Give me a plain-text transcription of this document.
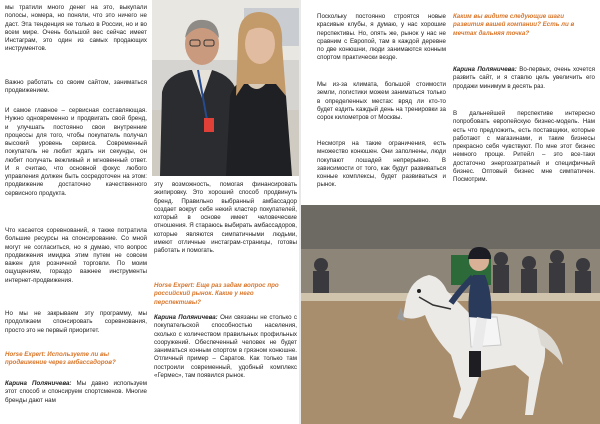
мы тратили много денег на это, выкупали полосы, номера, но поняли, что это ничего не даст. Эта тенденция не только в России, но и во всем мире. Очень большой вес сейчас имеет Инстаграм, это один из самых продающих инструментов.

Важно работать со своим сайтом, заниматься продвижением.

И самое главное – сервисная составляющая. Нужно одновременно и продвигать свой бренд, и улучшать постоянно свои внутренние процессы для того, чтобы покупатель получал высокий уровень сервиса. Современный покупатель не любит ждать ни секунды, он любит получать вежливый и мгновенный ответ. И я считаю, что основной фокус любого управления должен быть сосредоточен на этом: продвижение достаточно качественного сервисного продукта.

Что касается соревнований, я также потратила большие ресурсы на спонсирование. Со мной могут не согласиться, но я думаю, что вопрос продвижения имиджа этим путем не совсем важен для розничной торговли. По моим ощущениям, гораздо важнее инструменты интернет-продвижения.

Но мы не закрываем эту программу, мы продолжаем спонсировать соревнования, просто это не первый приоритет.

Horse Expert: Используете ли вы продвижение через амбассадоров?

Карина Поляничева: Мы давно используем этот способ и спонсируем спортсменов. Многие бренды дают нам

эту возможность, помогая финансировать экипировку. Это хороший способ продвинуть бренд. Правильно выбранный амбассадор создает вокруг себя некий кластер покупателей, который в основе имеет человеческие отношения. Я стараюсь выбирать амбассадоров, которые являются симпатичными людьми, имеют отличные инстаграм-страницы, готовы работать и помогать.

Horse Expert: Еще раз задам вопрос про российский рынок. Какие у него перспективы?

Карина Поляничева: Они связаны не столько с покупательской способностью населения, сколько с количеством правильных профильных сооружений. Обеспеченный человек не будет заниматься конным спортом в грязном конюшне. Отличный пример – Саратов. Как только там построили современный, удобный комплекс «Гермес», там появился рынок.

Поскольку постоянно строятся новые красивые клубы, я думаю, у нас хорошие перспективы. Но, опять же, рынок у нас не сравним с Европой, там в каждой деревне по две конюшни, люди занимаются конным спортом практически везде.

Мы из-за климата, большой стоимости земли, логистики можем заниматься только в определенных местах: вряд ли кто-то будет ездить каждый день на тренировки за сорок километров от Москвы.

Несмотря на такие ограничения, есть множество конюшен. Они заполнены, люди покупают лошадей непрерывно. В зависимости от того, как будут развиваться конные комплексы, будет развиваться и рынок.

Каким вы видите следующие шаги развития вашей компании? Есть ли в мечтах дальняя точка?

Карина Поляничева: Во-первых, очень хочется развить сайт, и я ставлю цель увеличить его продажи минимум в десять раз.

В дальнейшей перспективе интересно попробовать европейскую бизнес-модель. Нам есть что предложить, есть поставщики, которые работают с магазинами, и такие бизнесы прекрасно себя чувствуют. По мне этот бизнес немного проще. Ритейл – это все-таки достаточно энергозатратный и специфичный бизнес. Оптовый бизнес мне симпатичен. Посмотрим.
